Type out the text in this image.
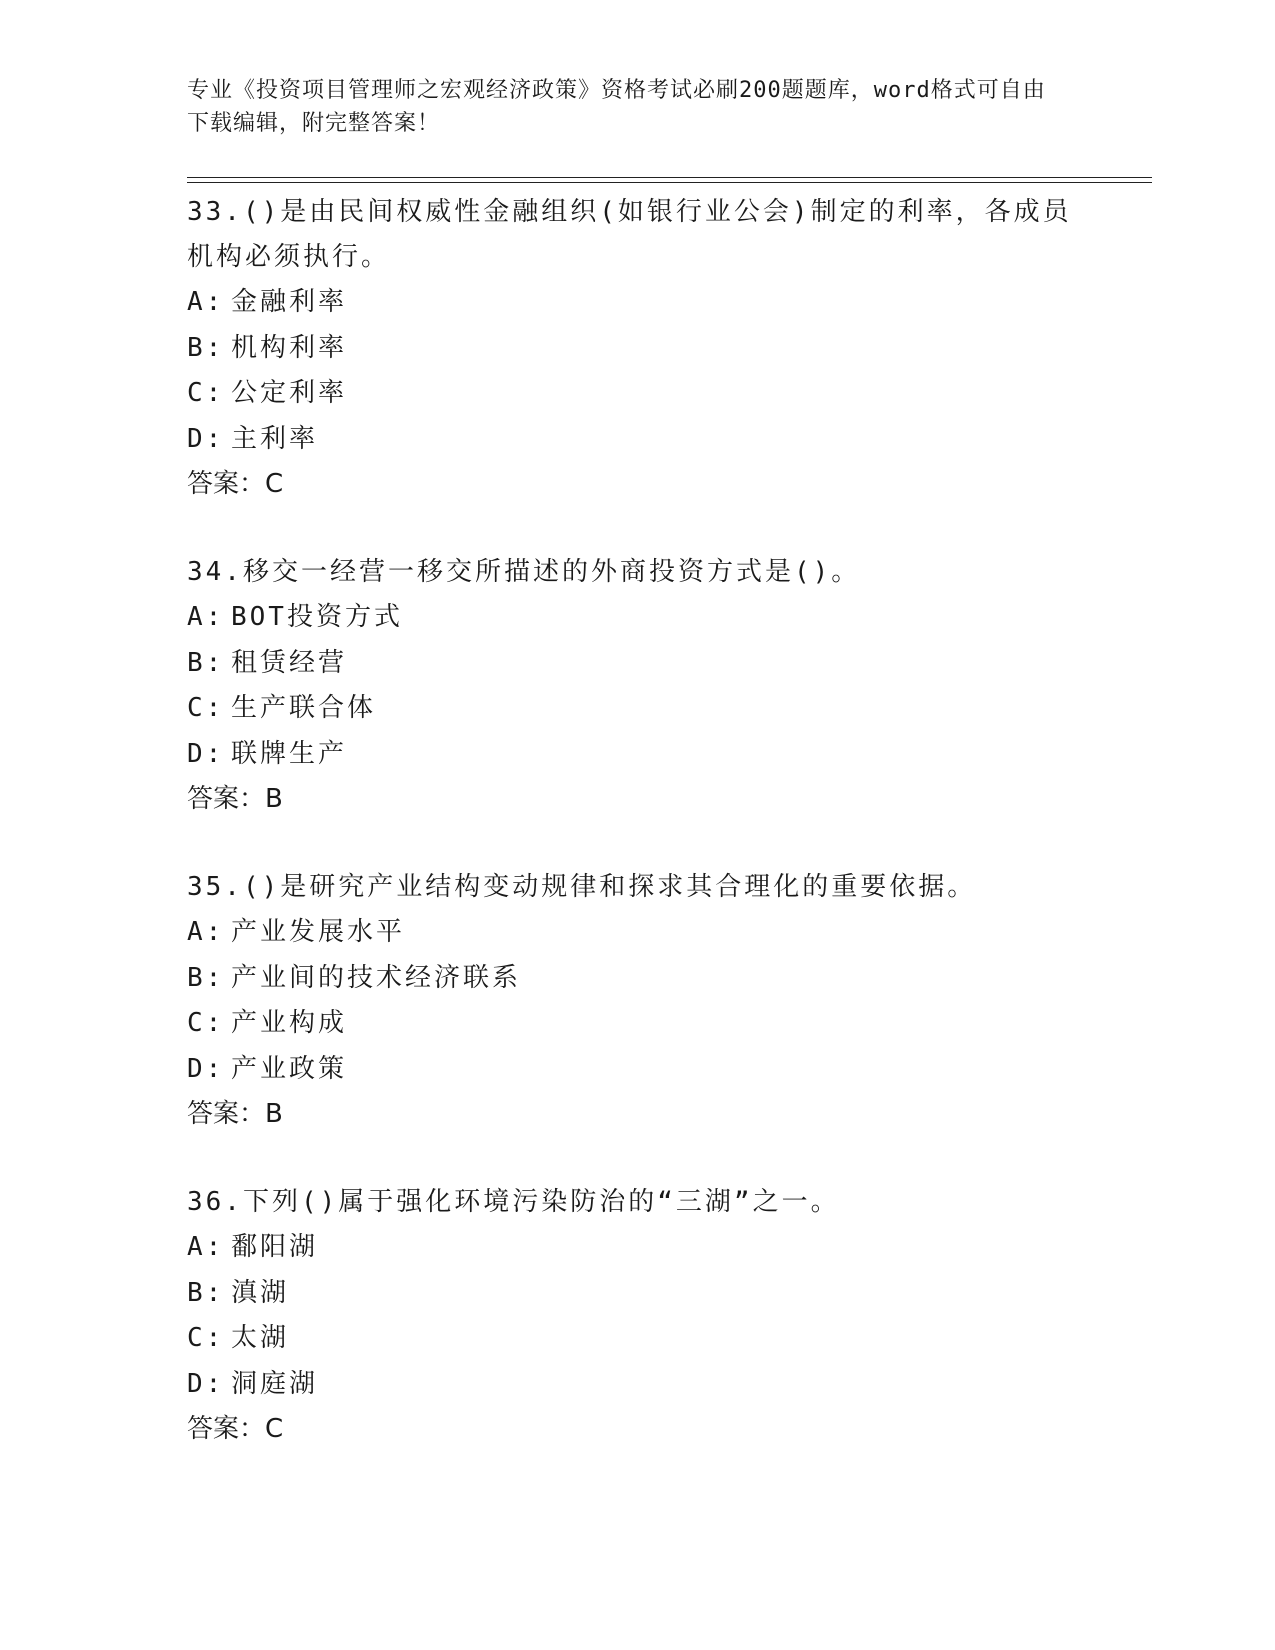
专业《投资项目管理师之宏观经济政策》资格考试必刷200题题库，word格式可自由下载编辑，附完整答案！

33.()是由民间权威性金融组织(如银行业公会)制定的利率，各成员机构必须执行。

A: 金融利率

B: 机构利率

C: 公定利率

D: 主利率

答案：C

34.移交一经营一移交所描述的外商投资方式是()。

A: BOT投资方式

B: 租赁经营

C: 生产联合体

D: 联牌生产

答案：B

35.()是研究产业结构变动规律和探求其合理化的重要依据。

A: 产业发展水平

B: 产业间的技术经济联系

C: 产业构成

D: 产业政策

答案：B

36.下列()属于强化环境污染防治的“三湖”之一。

A: 鄱阳湖

B: 滇湖

C: 太湖

D: 洞庭湖

答案：C
